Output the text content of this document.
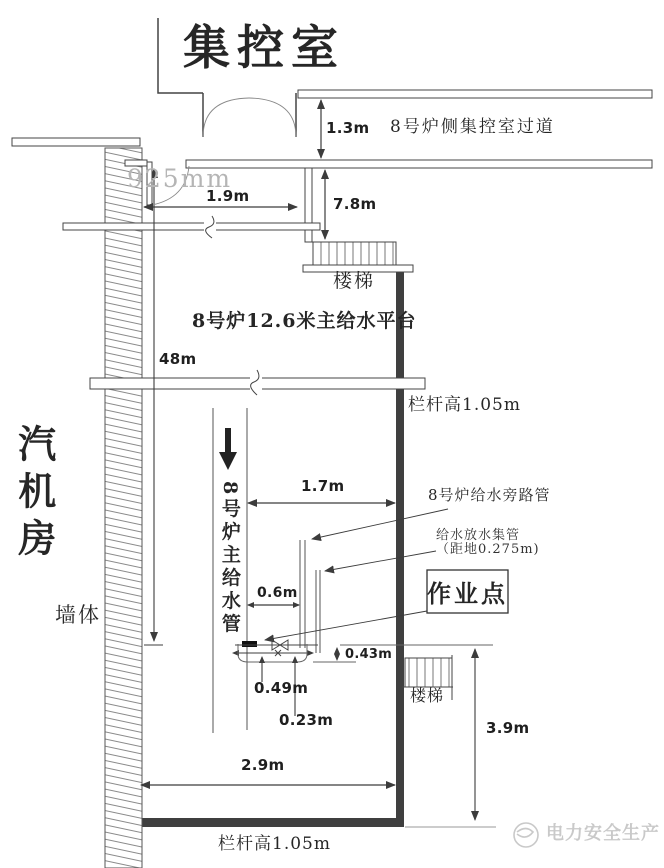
集控室
1.3m 8号炉侧集控室过道
925mm
1.9m	7.8m
楼梯
8号炉12.6米主给水平台
48m
栏杆高1.05m
汽机房	8号炉主给水管	1.7m	8号炉给水旁路管
给水放水集管
（距地0.275m)
作业点
0.6m
墙体
0.43m
0.49m	楼梯
0.23m	3.9m
2.9m
栏杆高1.05m	电力安全生产
